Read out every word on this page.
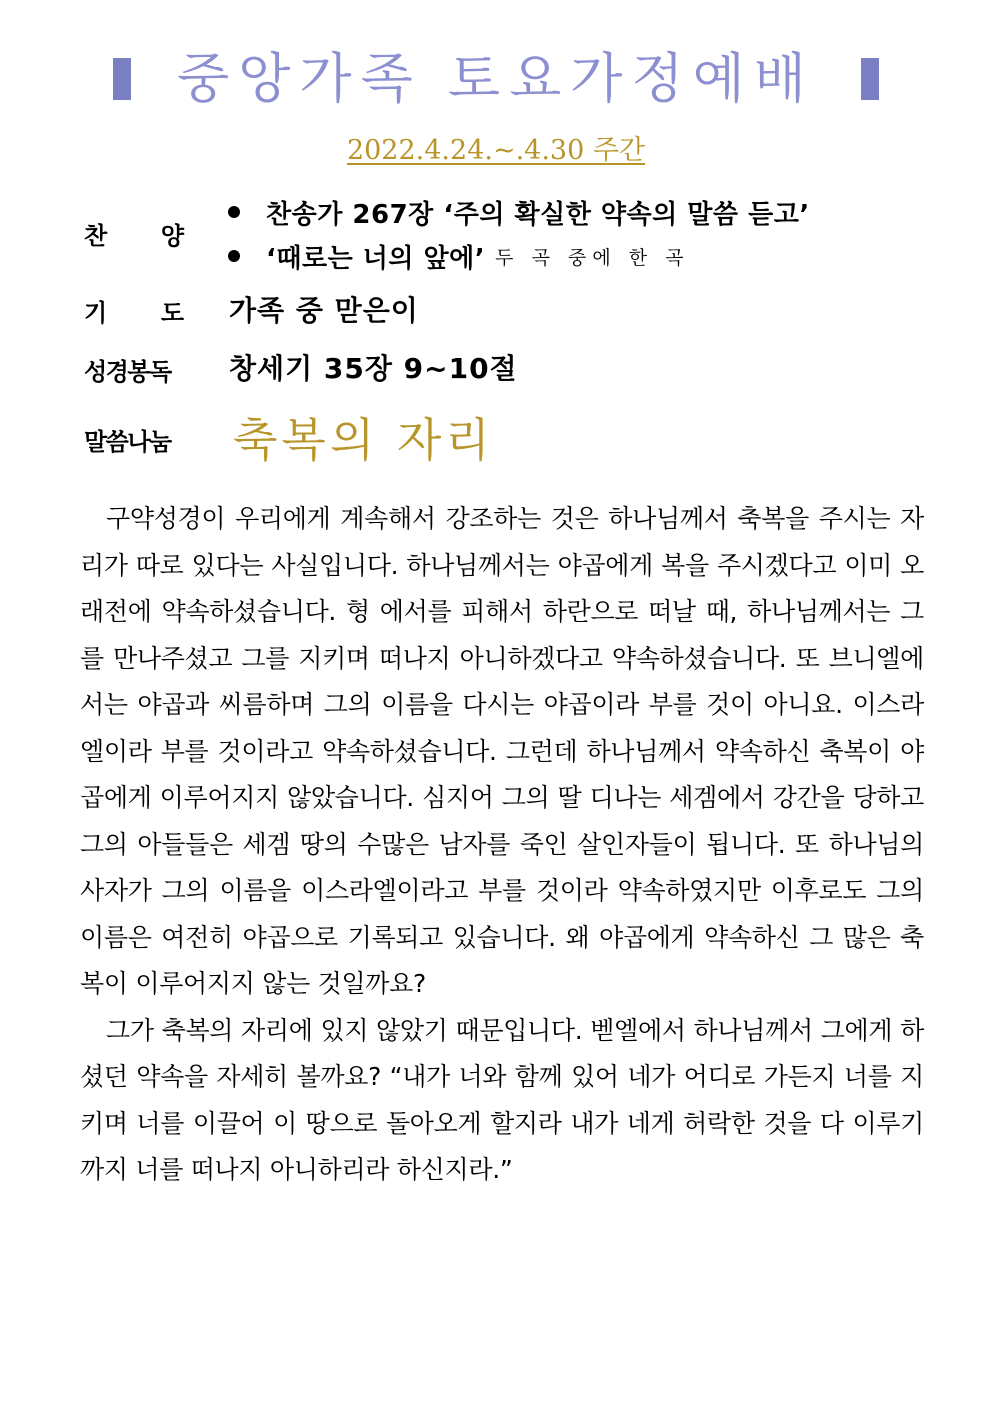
중앙가족 토요가정예배
2022.4.24.~.4.30 주간
찬 양
찬송가 267장 ‘주의 확실한 약속의 말씀 듣고’
‘때로는 너의 앞에’ 두 곡 중에 한 곡
기 도 가족 중 맏은이
성경봉독	창세기 35장 9~10절
말씀나눔 축복의 자리

구약성경이 우리에게 계속해서 강조하는 것은 하나님께서 축복을 주시는 자리가 따로 있다는 사실입니다. 하나님께서는 야곱에게 복을 주시겠다고 이미 오래전에 약속하셨습니다. 형 에서를 피해서 하란으로 떠날 때, 하나님께서는 그를 만나주셨고 그를 지키며 떠나지 아니하겠다고 약속하셨습니다. 또 브니엘에서는 야곱과 씨름하며 그의 이름을 다시는 야곱이라 부를 것이 아니요. 이스라엘이라 부를 것이라고 약속하셨습니다. 그런데 하나님께서 약속하신 축복이 야곱에게 이루어지지 않았습니다. 심지어 그의 딸 디나는 세겜에서 강간을 당하고 그의 아들들은 세겜 땅의 수많은 남자를 죽인 살인자들이 됩니다. 또 하나님의 사자가 그의 이름을 이스라엘이라고 부를 것이라 약속하였지만 이후로도 그의 이름은 여전히 야곱으로 기록되고 있습니다. 왜 야곱에게 약속하신 그 많은 축복이 이루어지지 않는 것일까요?

그가 축복의 자리에 있지 않았기 때문입니다. 벧엘에서 하나님께서 그에게 하셨던 약속을 자세히 볼까요? “내가 너와 함께 있어 네가 어디로 가든지 너를 지키며 너를 이끌어 이 땅으로 돌아오게 할지라 내가 네게 허락한 것을 다 이루기까지 너를 떠나지 아니하리라 하신지라.”
